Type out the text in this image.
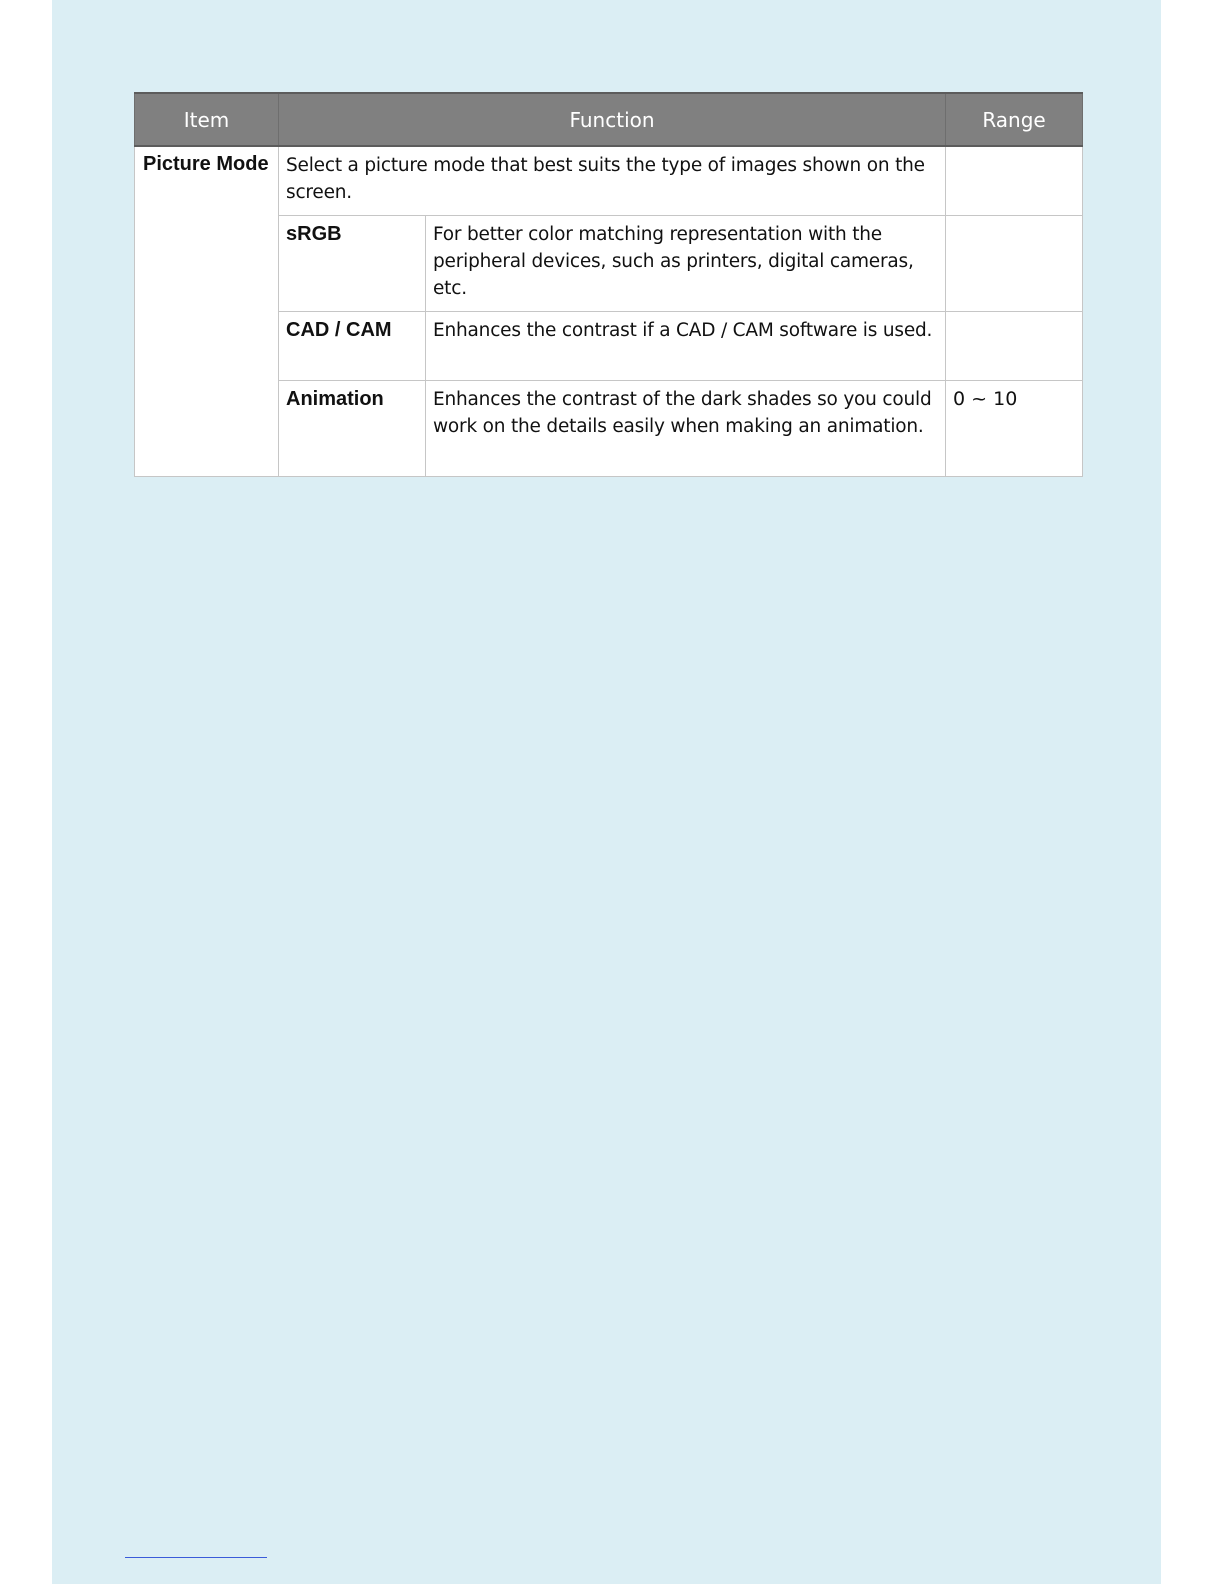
Item	Function		Range
Picture Mode	Select a picture mode that best suits the type of images shown on the screen.		
	sRGB	For better color matching representation with the peripheral devices, such as printers, digital cameras, etc.	
	CAD / CAM	Enhances the contrast if a CAD / CAM software is used.	
	Animation	Enhances the contrast of the dark shades so you could work on the details easily when making an animation.	0 ~ 10
